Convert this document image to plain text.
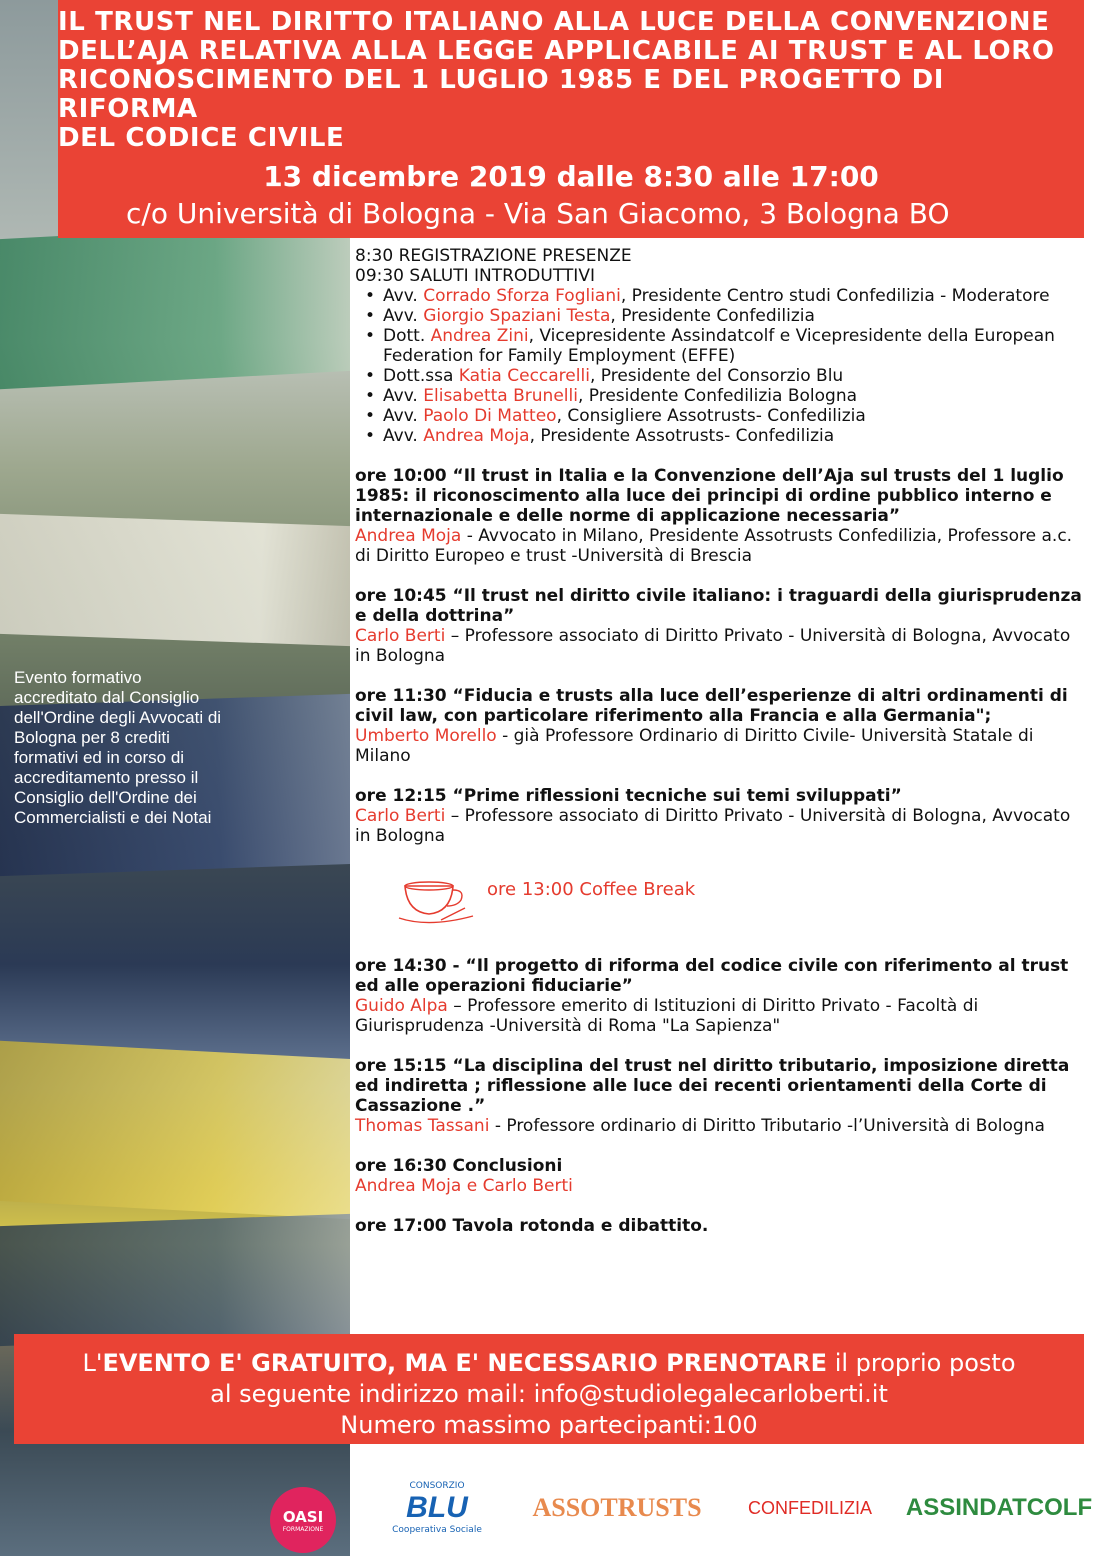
IL TRUST NEL DIRITTO ITALIANO ALLA LUCE DELLA CONVENZIONE
DELL’AJA RELATIVA ALLA LEGGE APPLICABILE AI TRUST E AL LORO
RICONOSCIMENTO DEL 1 LUGLIO 1985 E DEL PROGETTO DI RIFORMA
DEL CODICE CIVILE
13 dicembre 2019 dalle 8:30 alle 17:00
c/o Università di Bologna - Via San Giacomo, 3 Bologna BO
Evento formativo accreditato dal Consiglio dell'Ordine degli Avvocati di Bologna per 8 crediti formativi ed in corso di accreditamento presso il Consiglio dell'Ordine dei Commercialisti e dei Notai
8:30 REGISTRAZIONE PRESENZE
09:30 SALUTI INTRODUTTIVI
• Avv. Corrado Sforza Fogliani, Presidente Centro studi Confedilizia - Moderatore
• Avv. Giorgio Spaziani Testa, Presidente Confedilizia
• Dott. Andrea Zini, Vicepresidente Assindatcolf e Vicepresidente della European Federation for Family Employment (EFFE)
• Dott.ssa Katia Ceccarelli, Presidente del Consorzio Blu
• Avv. Elisabetta Brunelli, Presidente Confedilizia Bologna
• Avv. Paolo Di Matteo, Consigliere Assotrusts- Confedilizia
• Avv. Andrea Moja, Presidente Assotrusts- Confedilizia
ore 10:00 “Il trust in Italia e la Convenzione dell’Aja sul trusts del 1 luglio 1985: il riconoscimento alla luce dei principi di ordine pubblico interno e internazionale e delle norme di applicazione necessaria”
Andrea Moja - Avvocato in Milano, Presidente Assotrusts Confedilizia, Professore a.c. di Diritto Europeo e trust -Università di Brescia
ore 10:45 “Il trust nel diritto civile italiano: i traguardi della giurisprudenza e della dottrina”
Carlo Berti – Professore associato di Diritto Privato - Università di Bologna, Avvocato in Bologna
ore 11:30 “Fiducia e trusts alla luce dell’esperienze di altri ordinamenti di civil law, con particolare riferimento alla Francia e alla Germania";
Umberto Morello - già Professore Ordinario di Diritto Civile- Università Statale di Milano
ore 12:15 “Prime riflessioni tecniche sui temi sviluppati”
Carlo Berti – Professore associato di Diritto Privato - Università di Bologna, Avvocato in Bologna
ore 13:00 Coffee Break
ore 14:30 - “Il progetto di riforma del codice civile con riferimento al trust ed alle operazioni fiduciarie”
Guido Alpa – Professore emerito di Istituzioni di Diritto Privato - Facoltà di Giurisprudenza -Università di Roma "La Sapienza"
ore 15:15 “La disciplina del trust nel diritto tributario, imposizione diretta ed indiretta ; riflessione alle luce dei recenti orientamenti della Corte di Cassazione .”
Thomas Tassani - Professore ordinario di Diritto Tributario -l’Università di Bologna
ore 16:30 Conclusioni
Andrea Moja e Carlo Berti
ore 17:00 Tavola rotonda e dibattito.
L'EVENTO E' GRATUITO, MA E' NECESSARIO PRENOTARE il proprio posto
al seguente indirizzo mail: info@studiolegalecarloberti.it
Numero massimo partecipanti:100
OASI
FORMAZIONE
CONSORZIO
BLU
Cooperativa Sociale
ASSOTRUSTS	CONFEDILIZIA	ASSINDATCOLF
